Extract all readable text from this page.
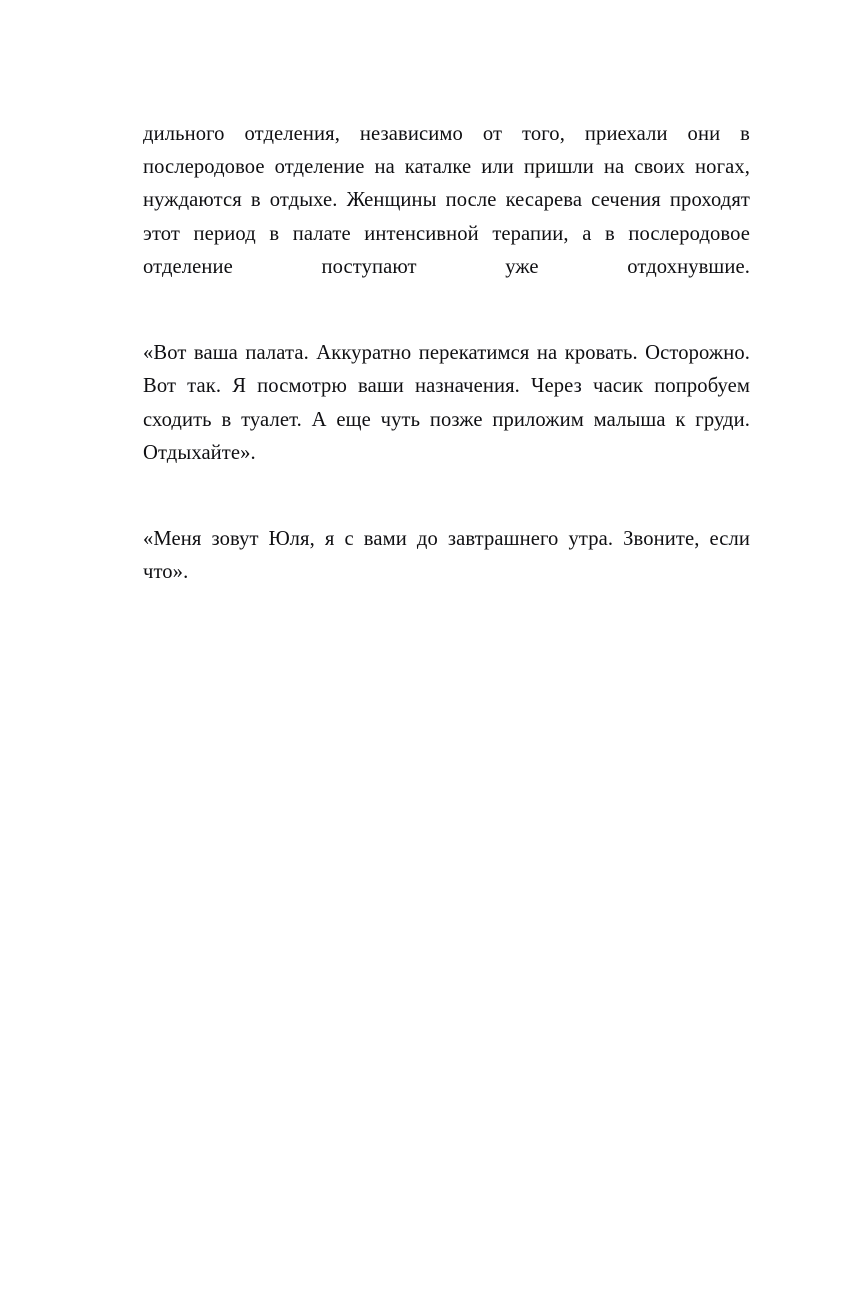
дильного отделения, независимо от того, приехали они в послеродовое отделение на каталке или пришли на своих ногах, нуждаются в отдыхе. Женщины после кесарева сечения проходят этот период в палате интенсивной терапии, а в послеродовое отделение поступают уже отдохнувшие.

«Вот ваша палата. Аккуратно перекатимся на кровать. Осторожно. Вот так. Я посмотрю ваши назначения. Через часик попробуем сходить в туалет. А еще чуть позже приложим малыша к груди. Отдыхайте».

«Меня зовут Юля, я с вами до завтрашнего утра. Звоните, если что».
